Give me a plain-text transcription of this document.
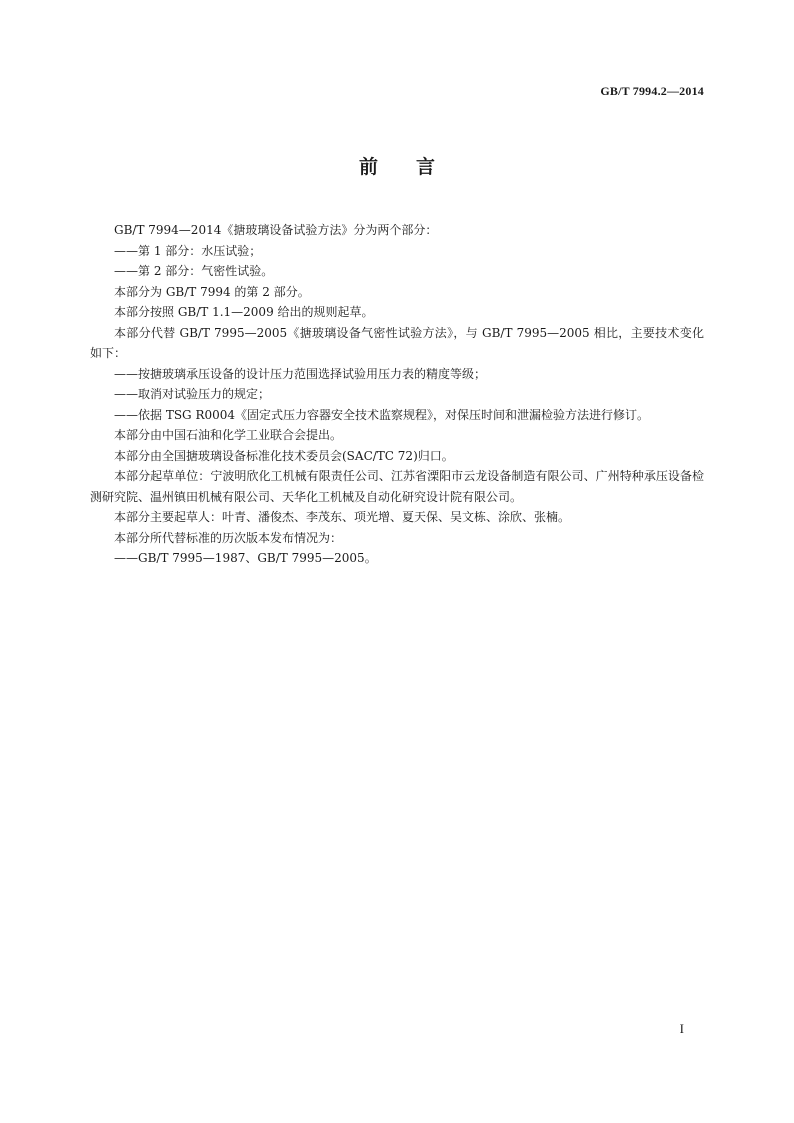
GB/T 7994.2—2014
前 言

GB/T 7994—2014《搪玻璃设备试验方法》分为两个部分：

——第 1 部分：水压试验；

——第 2 部分：气密性试验。

本部分为 GB/T 7994 的第 2 部分。

本部分按照 GB/T 1.1—2009 给出的规则起草。

本部分代替 GB/T 7995—2005《搪玻璃设备气密性试验方法》，与 GB/T 7995—2005 相比，主要技术变化如下：

——按搪玻璃承压设备的设计压力范围选择试验用压力表的精度等级；

——取消对试验压力的规定；

——依据 TSG R0004《固定式压力容器安全技术监察规程》，对保压时间和泄漏检验方法进行修订。

本部分由中国石油和化学工业联合会提出。

本部分由全国搪玻璃设备标准化技术委员会(SAC/TC 72)归口。

本部分起草单位：宁波明欣化工机械有限责任公司、江苏省溧阳市云龙设备制造有限公司、广州特种承压设备检测研究院、温州镇田机械有限公司、天华化工机械及自动化研究设计院有限公司。

本部分主要起草人：叶青、潘俊杰、李茂东、项光增、夏天保、吴文栋、涂欣、张楠。

本部分所代替标准的历次版本发布情况为：

——GB/T 7995—1987、GB/T 7995—2005。

I
